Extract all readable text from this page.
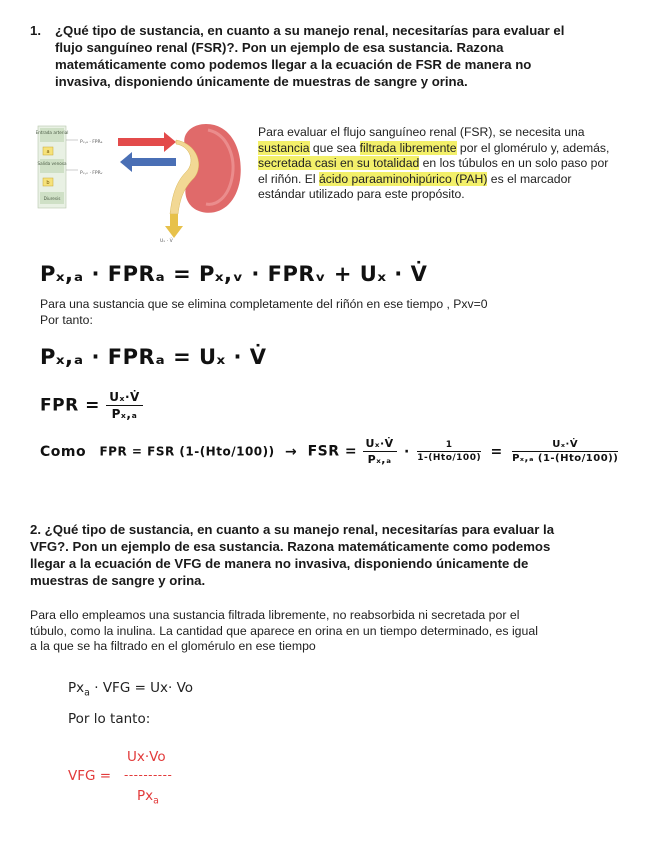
1. ¿Qué tipo de sustancia, en cuanto a su manejo renal, necesitarías para evaluar el
flujo sanguíneo renal (FSR)?. Pon un ejemplo de esa sustancia. Razona
matemáticamente como podemos llegar a la ecuación de FSR de manera no
invasiva, disponiendo únicamente de muestras de sangre y orina.
Entrada arterial
Salida venosa
Diuresis
a
b
Pₓ,ₐ · FPRₐ
Pₓ,ᵥ · FPRᵥ
Uₓ · V̇
Para evaluar el flujo sanguíneo renal (FSR), se necesita una sustancia que sea filtrada libremente por el glomérulo y, además, secretada casi en su totalidad en los túbulos en un solo paso por el riñón. El ácido paraaminohipúrico (PAH) es el marcador estándar utilizado para este propósito.
Pₓ,ₐ · FPRₐ = Pₓ,ᵥ · FPRᵥ + Uₓ · V̇
Para una sustancia que se elimina completamente del riñón en ese tiempo , Pxv=0
Por tanto:
Pₓ,ₐ · FPRₐ = Uₓ · V̇
FPR = $\frac{\text{Uₓ·V̇}}{\text{Pₓ,ₐ}}$
Como FPR = FSR (1-(Hto/100)) → FSR = $\frac{\text{Uₓ·V̇}}{\text{Pₓ,ₐ}} \cdot \frac{1}{\text{1-(Hto/100)}} = \frac{\text{Uₓ·V̇}}{\text{Pₓ,ₐ (1-(Hto/100))}}$
2. ¿Qué tipo de sustancia, en cuanto a su manejo renal, necesitarías para evaluar la
VFG?. Pon un ejemplo de esa sustancia. Razona matemáticamente como podemos
llegar a la ecuación de VFG de manera no invasiva, disponiendo únicamente de
muestras de sangre y orina.
Para ello empleamos una sustancia filtrada libremente, no reabsorbida ni secretada por el
túbulo, como la inulina. La cantidad que aparece en orina en un tiempo determinado, es igual
a la que se ha filtrado en el glomérulo en ese tiempo
$Px_a$ · VFG = Ux· Vo
Por lo tanto:
VFG =
Ux·Vo
----------
$Px_a$
